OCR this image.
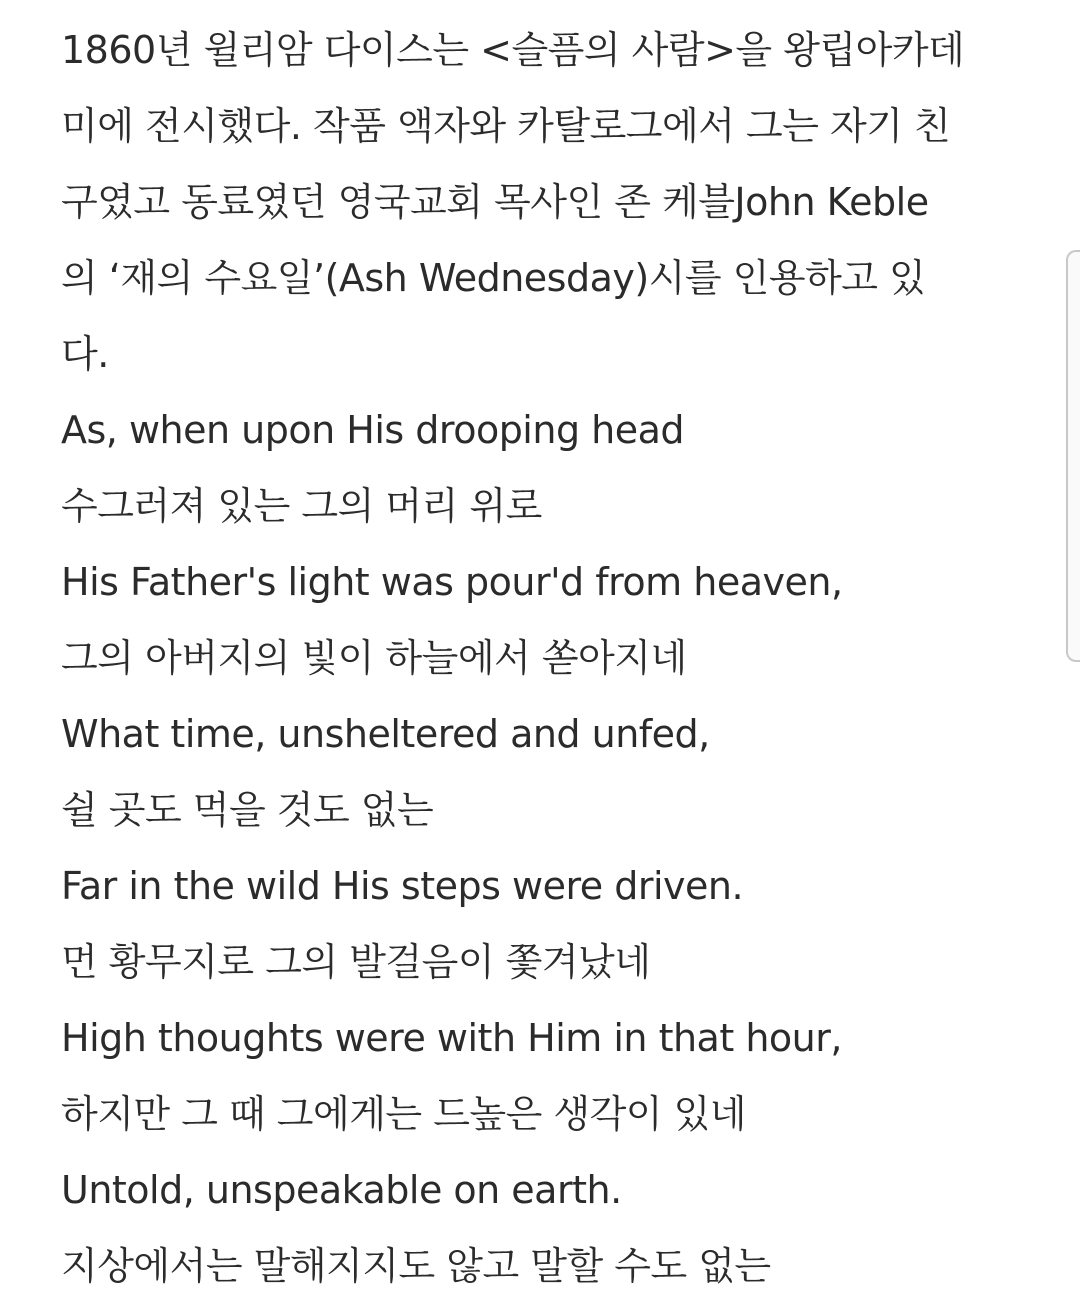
1860년 윌리암 다이스는 <슬픔의 사람>을 왕립아카데
미에 전시했다. 작품 액자와 카탈로그에서 그는 자기 친
구였고 동료였던 영국교회 목사인 존 케블John Keble
의 ‘재의 수요일’(Ash Wednesday)시를 인용하고 있
다.

As, when upon His drooping head
수그러져 있는 그의 머리 위로
His Father's light was pour'd from heaven,
그의 아버지의 빛이 하늘에서 쏟아지네
What time, unsheltered and unfed,
쉴 곳도 먹을 것도 없는
Far in the wild His steps were driven.
먼 황무지로 그의 발걸음이 쫓겨났네
High thoughts were with Him in that hour,
하지만 그 때 그에게는 드높은 생각이 있네
Untold, unspeakable on earth.
지상에서는 말해지지도 않고 말할 수도 없는
